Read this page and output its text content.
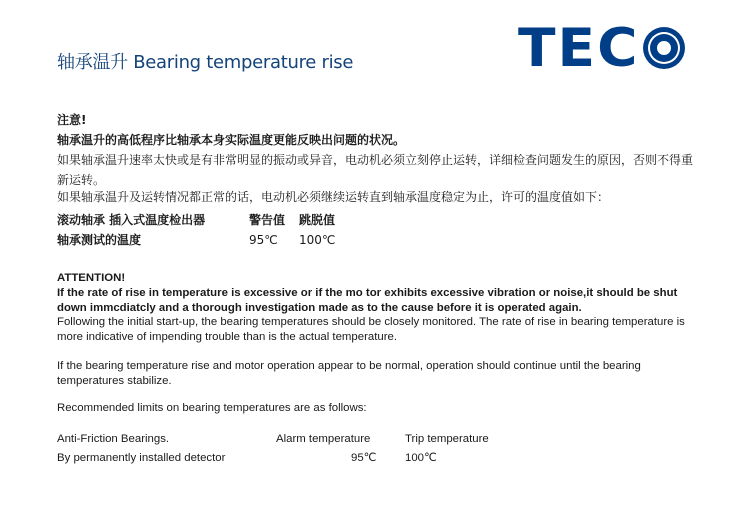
轴承温升 Bearing temperature rise	TEC
注意!
轴承温升的高低程序比轴承本身实际温度更能反映出问题的状况。
如果轴承温升速率太快或是有非常明显的振动或异音，电动机必须立刻停止运转，详细检查问题发生的原因，否则不得重新运转。
如果轴承温升及运转情况都正常的话，电动机必须继续运转直到轴承温度稳定为止，许可的温度值如下：
滚动轴承 插入式温度检出器	警告值 跳脱值
轴承测试的温度	95℃ 100℃
ATTENTION!
If the rate of rise in temperature is excessive or if the mo tor exhibits excessive vibration or noise,it should be shut down immcdiatcly and a thorough investigation made as to the cause before it is operated again.
Following the initial start-up, the bearing temperatures should be closely monitored. The rate of rise in bearing temperature is more indicative of impending trouble than is the actual temperature.
If the bearing temperature rise and motor operation appear to be normal, operation should continue until the bearing temperatures stabilize.
Recommended limits on bearing temperatures are as follows:
Anti-Friction Bearings.	Alarm temperature	Trip temperature
By permanently installed detector	95℃	100℃
